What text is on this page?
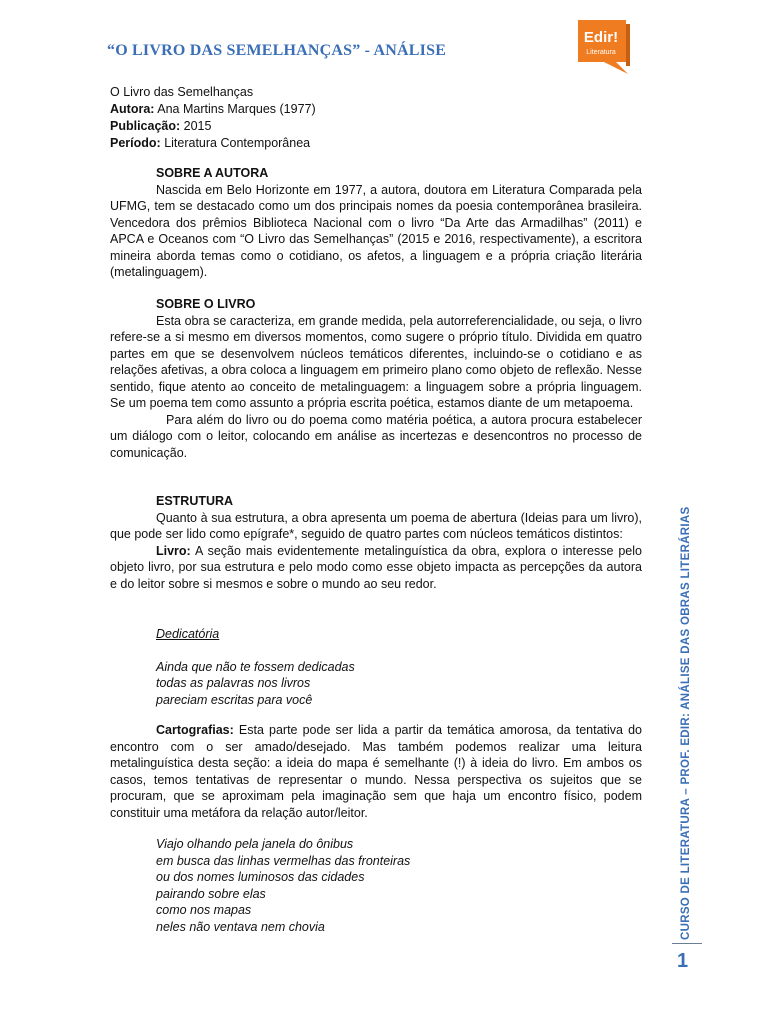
“O LIVRO DAS SEMELHANÇAS” - ANÁLISE
Edir!
Literatura
O Livro das Semelhanças
Autora: Ana Martins Marques (1977)
Publicação: 2015
Período: Literatura Contemporânea
SOBRE A AUTORA

Nascida em Belo Horizonte em 1977, a autora, doutora em Literatura Comparada pela UFMG, tem se destacado como um dos principais nomes da poesia contemporânea brasileira. Vencedora dos prêmios Biblioteca Nacional com o livro “Da Arte das Armadilhas” (2011) e APCA e Oceanos com “O Livro das Semelhanças” (2015 e 2016, respectivamente), a escritora mineira aborda temas como o cotidiano, os afetos, a linguagem e a própria criação literária (metalinguagem).

SOBRE O LIVRO

Esta obra se caracteriza, em grande medida, pela autorreferencialidade, ou seja, o livro refere-se a si mesmo em diversos momentos, como sugere o próprio título. Dividida em quatro partes em que se desenvolvem núcleos temáticos diferentes, incluindo-se o cotidiano e as relações afetivas, a obra coloca a linguagem em primeiro plano como objeto de reflexão. Nesse sentido, fique atento ao conceito de metalinguagem: a linguagem sobre a própria linguagem. Se um poema tem como assunto a própria escrita poética, estamos diante de um metapoema.

Para além do livro ou do poema como matéria poética, a autora procura estabelecer um diálogo com o leitor, colocando em análise as incertezas e desencontros no processo de comunicação.

ESTRUTURA

Quanto à sua estrutura, a obra apresenta um poema de abertura (Ideias para um livro), que pode ser lido como epígrafe*, seguido de quatro partes com núcleos temáticos distintos:

Livro: A seção mais evidentemente metalinguística da obra, explora o interesse pelo objeto livro, por sua estrutura e pelo modo como esse objeto impacta as percepções da autora e do leitor sobre si mesmos e sobre o mundo ao seu redor.

Dedicatória
Ainda que não te fossem dedicadas
todas as palavras nos livros
pareciam escritas para você

Cartografias: Esta parte pode ser lida a partir da temática amorosa, da tentativa do encontro com o ser amado/desejado. Mas também podemos realizar uma leitura metalinguística desta seção: a ideia do mapa é semelhante (!) à ideia do livro. Em ambos os casos, temos tentativas de representar o mundo. Nessa perspectiva os sujeitos que se procuram, que se aproximam pela imaginação sem que haja um encontro físico, podem constituir uma metáfora da relação autor/leitor.

Viajo olhando pela janela do ônibus
em busca das linhas vermelhas das fronteiras
ou dos nomes luminosos das cidades
pairando sobre elas
como nos mapas
neles não ventava nem chovia	CURSO DE LITERATURA – PROF. EDIR: ANÁLISE DAS OBRAS LITERÁRIAS
1
